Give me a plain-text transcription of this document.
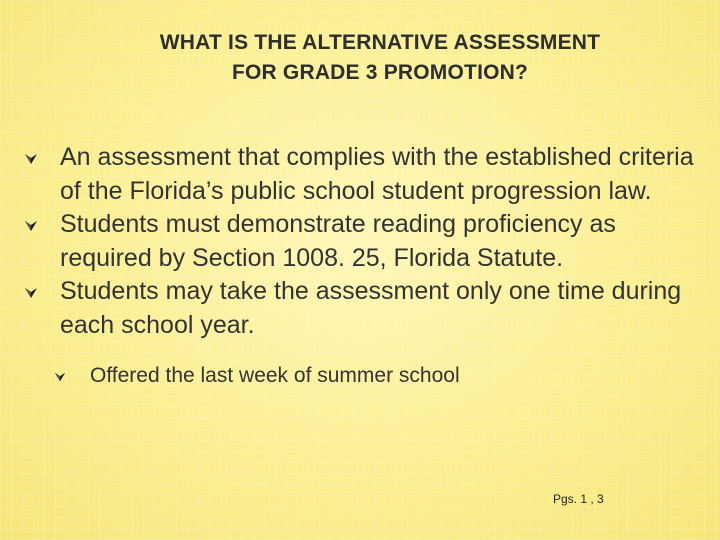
WHAT IS THE ALTERNATIVE ASSESSMENT
FOR GRADE 3 PROMOTION?
An assessment that complies with the established criteria of the Florida’s public school student progression law.
Students must demonstrate reading proficiency as required by Section 1008. 25, Florida Statute.
Students may take the assessment only one time during each school year.
Offered the last week of summer school
Pgs. 1 , 3
